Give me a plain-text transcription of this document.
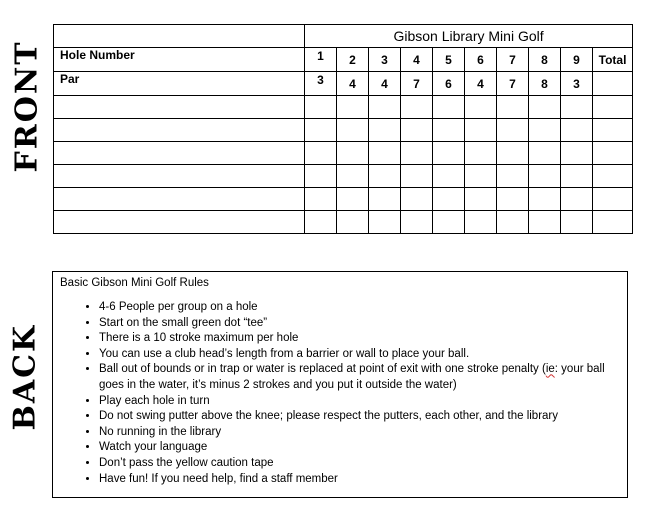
FRONT
BACK
	Gibson Library Mini Golf									
Hole Number	1	2	3	4	5	6	7	8	9	Total
Par	3	4	4	7	6	4	7	8	3	

Basic Gibson Mini Golf Rules
• 4-6 People per group on a hole
• Start on the small green dot “tee”
• There is a 10 stroke maximum per hole
• You can use a club head’s length from a barrier or wall to place your ball.
• Ball out of bounds or in trap or water is replaced at point of exit with one stroke penalty (ie: your ball goes in the water, it’s minus 2 strokes and you put it outside the water)
• Play each hole in turn
• Do not swing putter above the knee; please respect the putters, each other, and the library
• No running in the library
• Watch your language
• Don’t pass the yellow caution tape
• Have fun! If you need help, find a staff member
